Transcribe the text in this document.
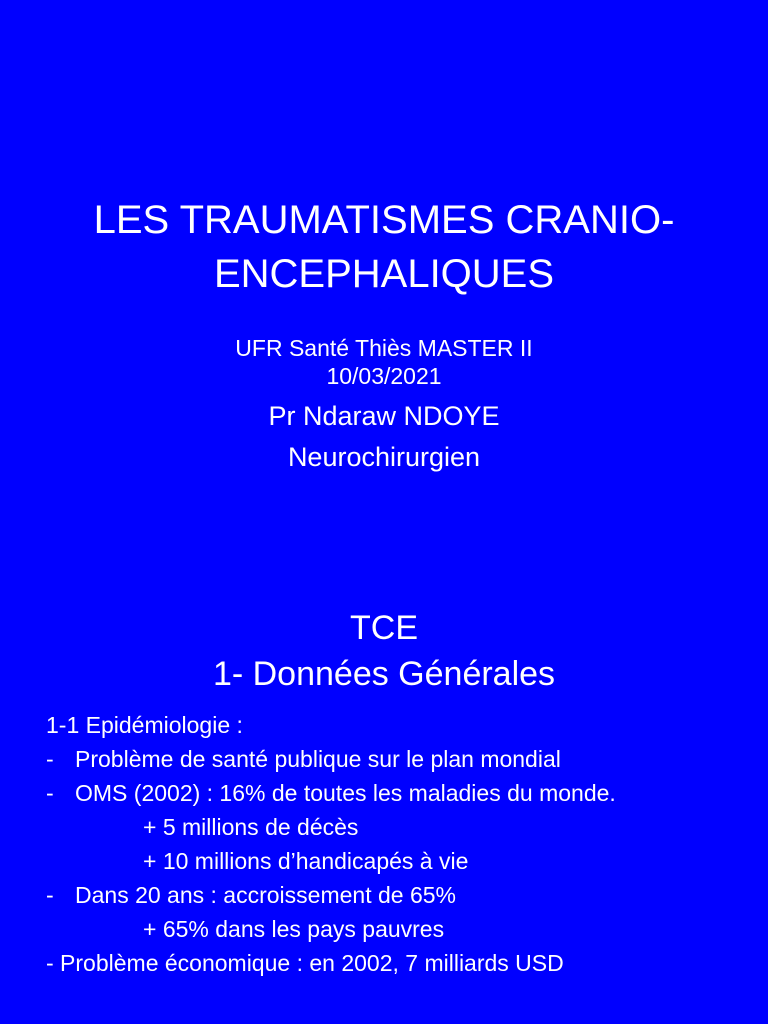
LES TRAUMATISMES CRANIO-
ENCEPHALIQUES

UFR Santé Thiès MASTER II

10/03/2021

Pr Ndaraw NDOYE

Neurochirurgien

TCE
1- Données Générales
1-1 Epidémiologie :
- Problème de santé publique sur le plan mondial
- OMS (2002) : 16% de toutes les maladies du monde.
+ 5 millions de décès
+ 10 millions d’handicapés à vie
- Dans 20 ans : accroissement de 65%
+ 65% dans les pays pauvres
- Problème économique : en 2002, 7 milliards USD
